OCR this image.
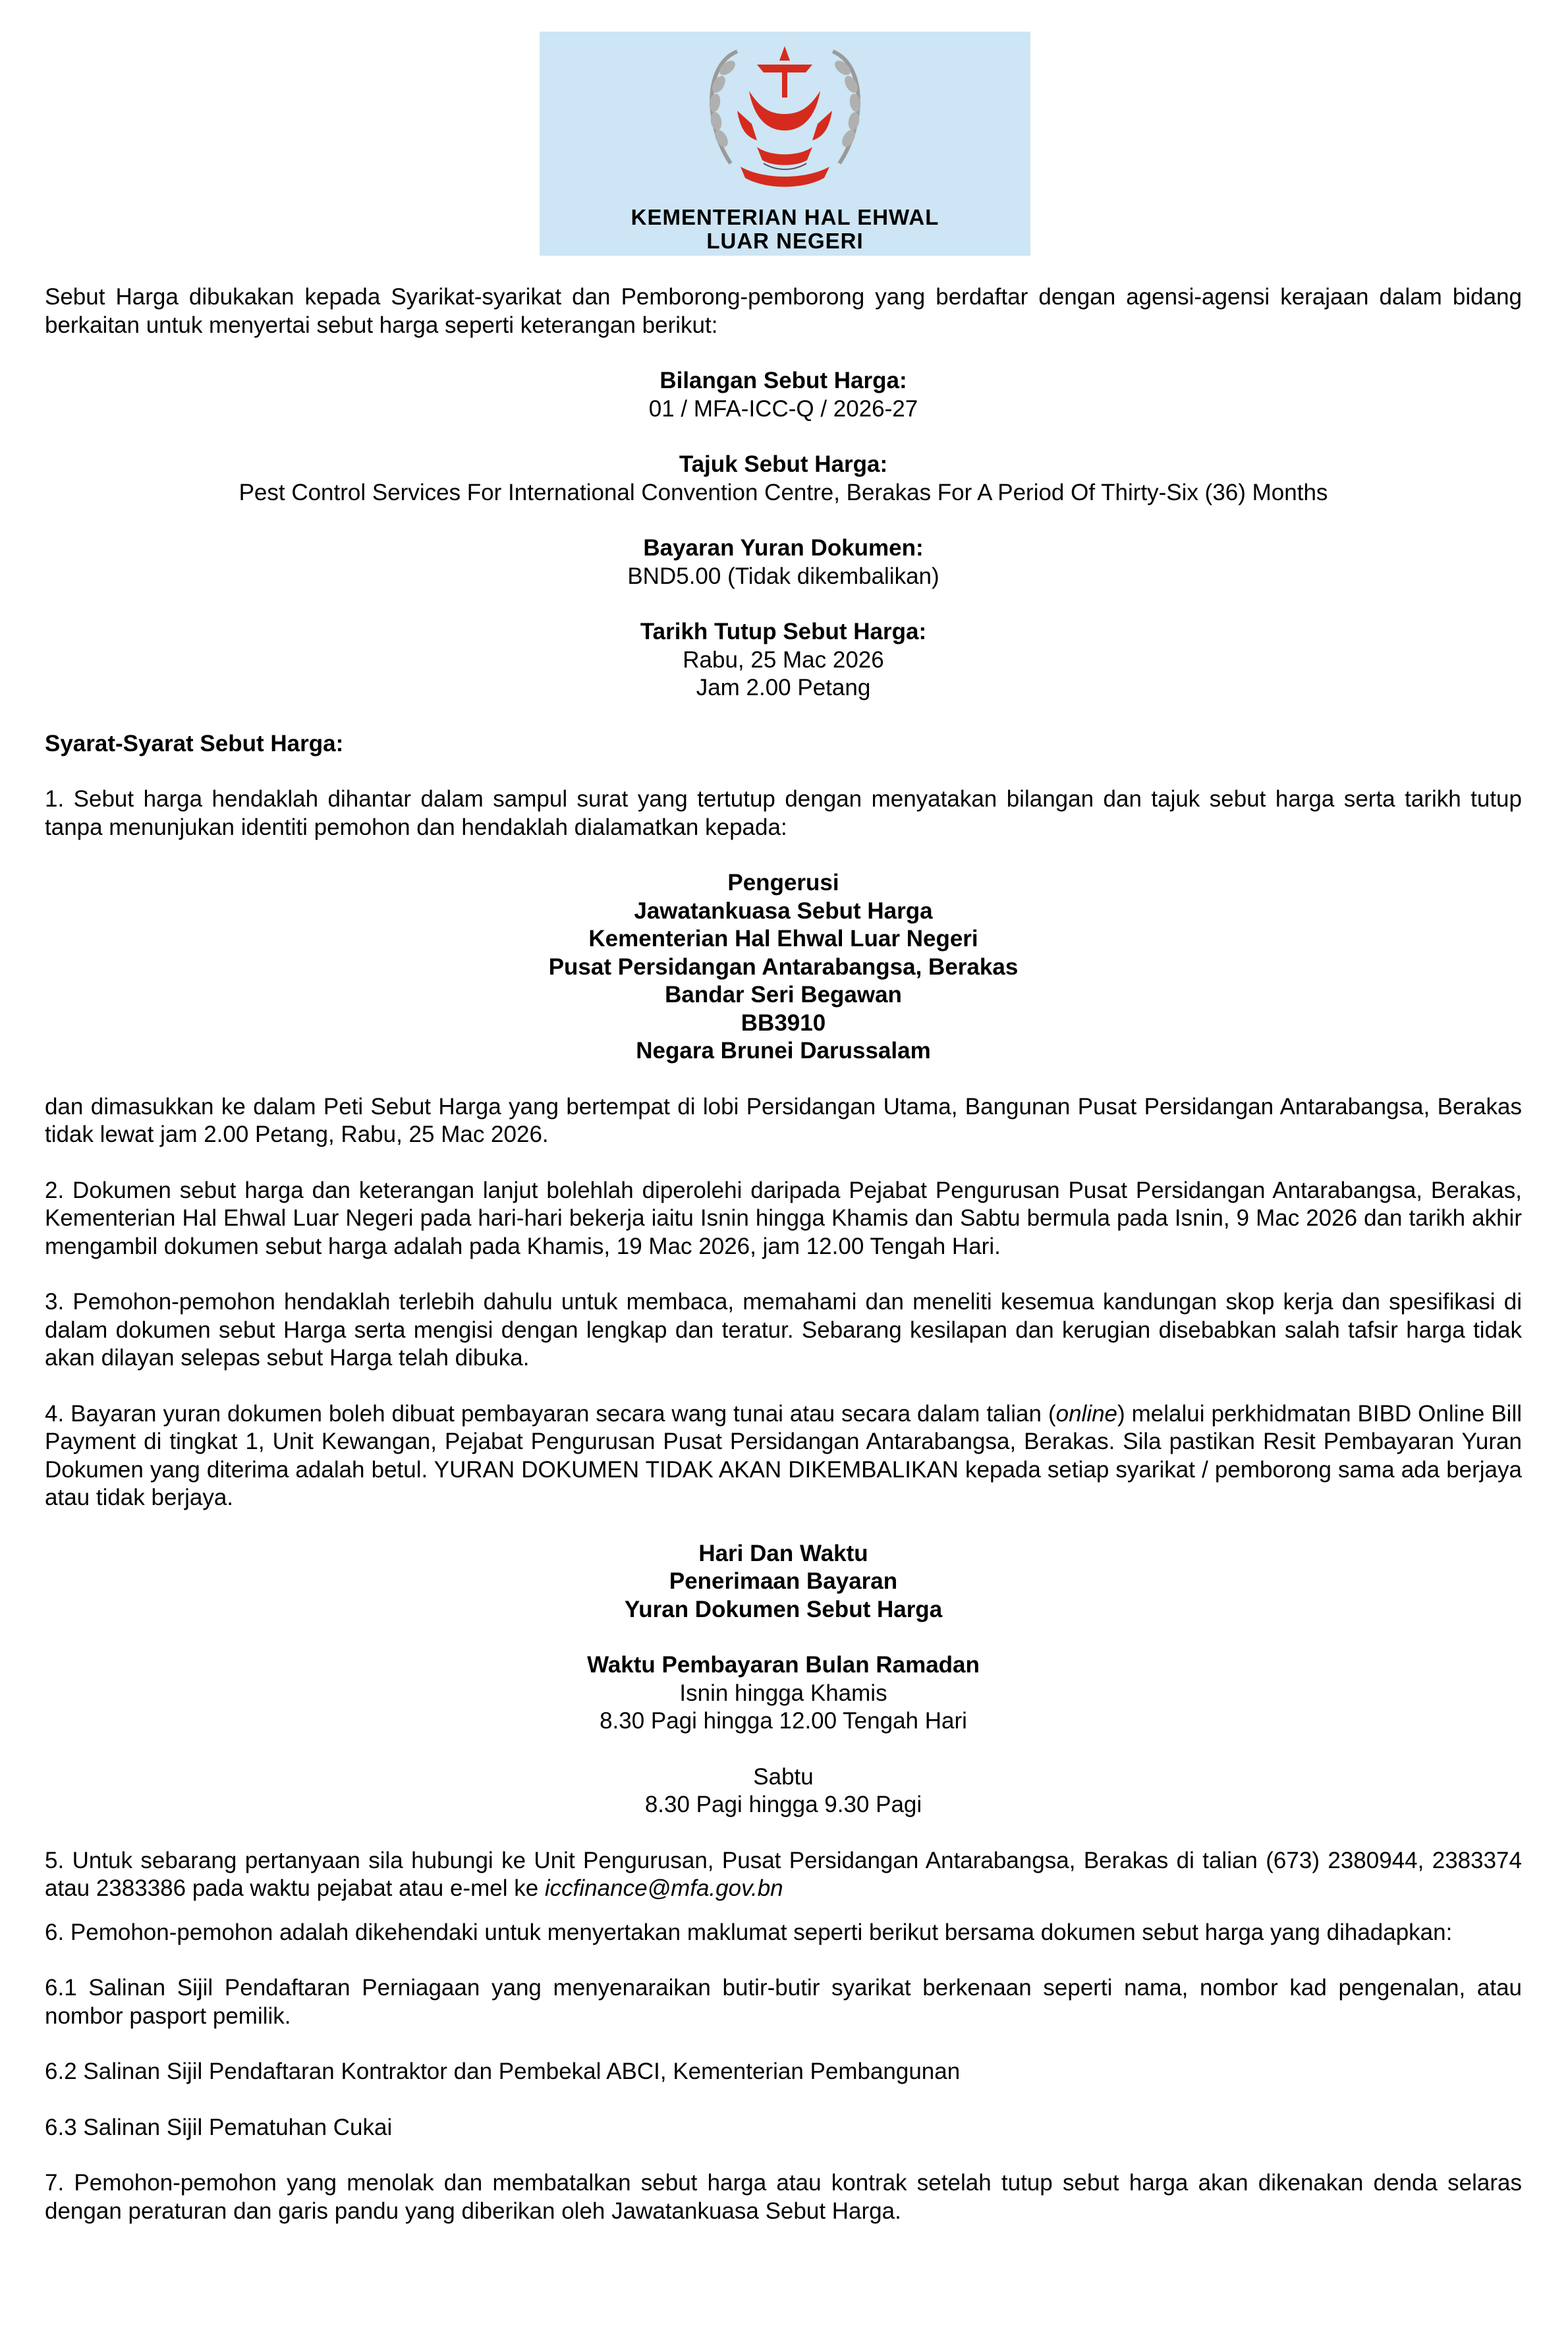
KEMENTERIAN HAL EHWAL
LUAR NEGERI

Sebut Harga dibukakan kepada Syarikat-syarikat dan Pemborong-pemborong yang berdaftar dengan agensi-agensi kerajaan dalam bidang berkaitan untuk menyertai sebut harga seperti keterangan berikut:

Bilangan Sebut Harga:

01 / MFA-ICC-Q / 2026-27

Tajuk Sebut Harga:

Pest Control Services For International Convention Centre, Berakas For A Period Of Thirty-Six (36) Months

Bayaran Yuran Dokumen:

BND5.00 (Tidak dikembalikan)

Tarikh Tutup Sebut Harga:

Rabu, 25 Mac 2026

Jam 2.00 Petang

Syarat-Syarat Sebut Harga:

1. Sebut harga hendaklah dihantar dalam sampul surat yang tertutup dengan menyatakan bilangan dan tajuk sebut harga serta tarikh tutup tanpa menunjukan identiti pemohon dan hendaklah dialamatkan kepada:

Pengerusi

Jawatankuasa Sebut Harga

Kementerian Hal Ehwal Luar Negeri

Pusat Persidangan Antarabangsa, Berakas

Bandar Seri Begawan

BB3910

Negara Brunei Darussalam

dan dimasukkan ke dalam Peti Sebut Harga yang bertempat di lobi Persidangan Utama, Bangunan Pusat Persidangan Antarabangsa, Berakas tidak lewat jam 2.00 Petang, Rabu, 25 Mac 2026.

2. Dokumen sebut harga dan keterangan lanjut bolehlah diperolehi daripada Pejabat Pengurusan Pusat Persidangan Antarabangsa, Berakas, Kementerian Hal Ehwal Luar Negeri pada hari-hari bekerja iaitu Isnin hingga Khamis dan Sabtu bermula pada Isnin, 9 Mac 2026 dan tarikh akhir mengambil dokumen sebut harga adalah pada Khamis, 19 Mac 2026, jam 12.00 Tengah Hari.

3. Pemohon-pemohon hendaklah terlebih dahulu untuk membaca, memahami dan meneliti kesemua kandungan skop kerja dan spesifikasi di dalam dokumen sebut Harga serta mengisi dengan lengkap dan teratur. Sebarang kesilapan dan kerugian disebabkan salah tafsir harga tidak akan dilayan selepas sebut Harga telah dibuka.

4. Bayaran yuran dokumen boleh dibuat pembayaran secara wang tunai atau secara dalam talian (online) melalui perkhidmatan BIBD Online Bill Payment di tingkat 1, Unit Kewangan, Pejabat Pengurusan Pusat Persidangan Antarabangsa, Berakas. Sila pastikan Resit Pembayaran Yuran Dokumen yang diterima adalah betul. YURAN DOKUMEN TIDAK AKAN DIKEMBALIKAN kepada setiap syarikat / pemborong sama ada berjaya atau tidak berjaya.

Hari Dan Waktu

Penerimaan Bayaran

Yuran Dokumen Sebut Harga

Waktu Pembayaran Bulan Ramadan

Isnin hingga Khamis

8.30 Pagi hingga 12.00 Tengah Hari

Sabtu

8.30 Pagi hingga 9.30 Pagi

5. Untuk sebarang pertanyaan sila hubungi ke Unit Pengurusan, Pusat Persidangan Antarabangsa, Berakas di talian (673) 2380944, 2383374 atau 2383386 pada waktu pejabat atau e-mel ke iccfinance@mfa.gov.bn

6. Pemohon-pemohon adalah dikehendaki untuk menyertakan maklumat seperti berikut bersama dokumen sebut harga yang dihadapkan:

6.1 Salinan Sijil Pendaftaran Perniagaan yang menyenaraikan butir-butir syarikat berkenaan seperti nama, nombor kad pengenalan, atau nombor pasport pemilik.

6.2 Salinan Sijil Pendaftaran Kontraktor dan Pembekal ABCI, Kementerian Pembangunan

6.3 Salinan Sijil Pematuhan Cukai

7. Pemohon-pemohon yang menolak dan membatalkan sebut harga atau kontrak setelah tutup sebut harga akan dikenakan denda selaras dengan peraturan dan garis pandu yang diberikan oleh Jawatankuasa Sebut Harga.
